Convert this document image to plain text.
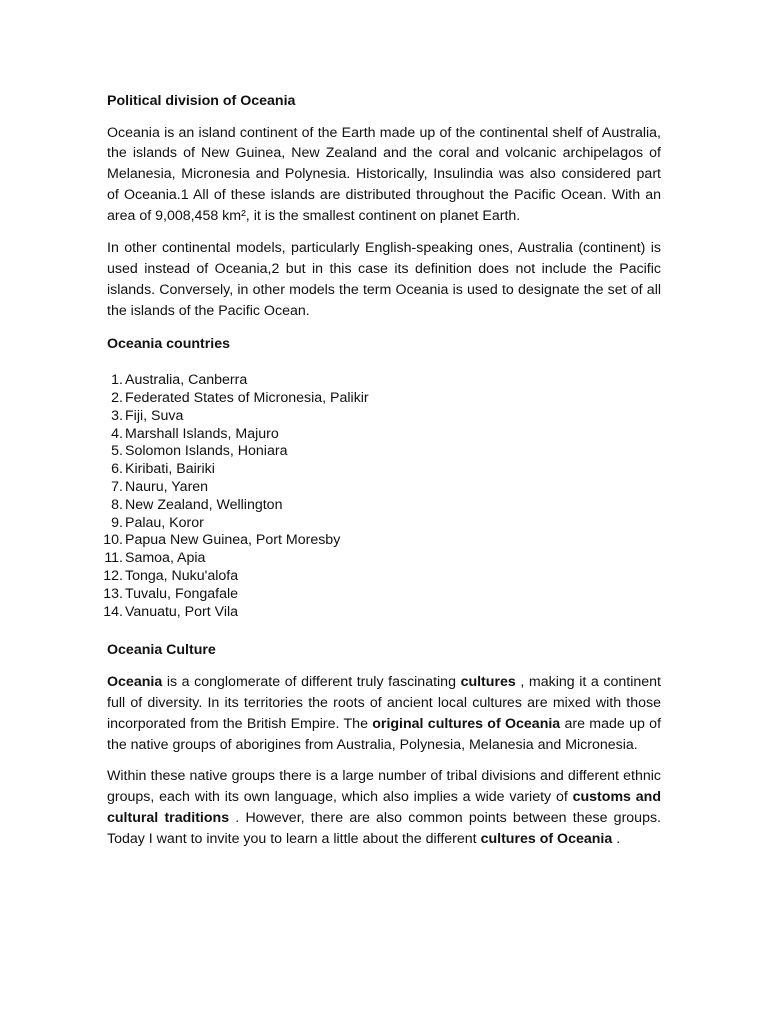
Political division of Oceania

Oceania is an island continent of the Earth made up of the continental shelf of Australia, the islands of New Guinea, New Zealand and the coral and volcanic archipelagos of Melanesia, Micronesia and Polynesia. Historically, Insulindia was also considered part of Oceania.1 All of these islands are distributed throughout the Pacific Ocean. With an area of 9,008,458 km², it is the smallest continent on planet Earth.

In other continental models, particularly English-speaking ones, Australia (continent) is used instead of Oceania,2 but in this case its definition does not include the Pacific islands. Conversely, in other models the term Oceania is used to designate the set of all the islands of the Pacific Ocean.

Oceania countries

1. Australia, Canberra
2. Federated States of Micronesia, Palikir
3. Fiji, Suva
4. Marshall Islands, Majuro
5. Solomon Islands, Honiara
6. Kiribati, Bairiki
7. Nauru, Yaren
8. New Zealand, Wellington
9. Palau, Koror
10. Papua New Guinea, Port Moresby
11. Samoa, Apia
12. Tonga, Nuku'alofa
13. Tuvalu, Fongafale
14. Vanuatu, Port Vila

Oceania Culture

Oceania is a conglomerate of different truly fascinating cultures , making it a continent full of diversity. In its territories the roots of ancient local cultures are mixed with those incorporated from the British Empire. The original cultures of Oceania are made up of the native groups of aborigines from Australia, Polynesia, Melanesia and Micronesia.

Within these native groups there is a large number of tribal divisions and different ethnic groups, each with its own language, which also implies a wide variety of customs and cultural traditions . However, there are also common points between these groups. Today I want to invite you to learn a little about the different cultures of Oceania .
